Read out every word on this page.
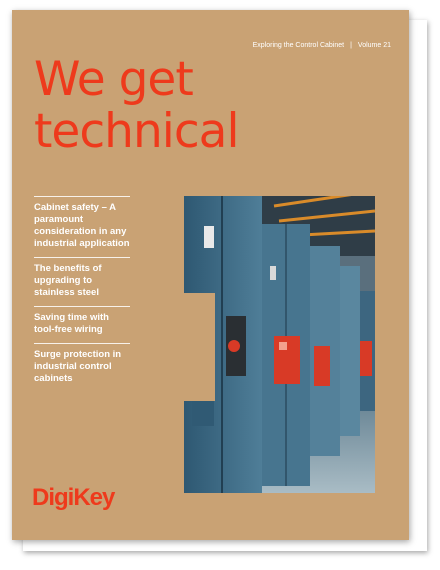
Exploring the Control Cabinet | Volume 21
We get
technical
Cabinet safety – A paramount consideration in any industrial application
The benefits of upgrading to stainless steel
Saving time with tool-free wiring
Surge protection in industrial control cabinets
DigiKey
